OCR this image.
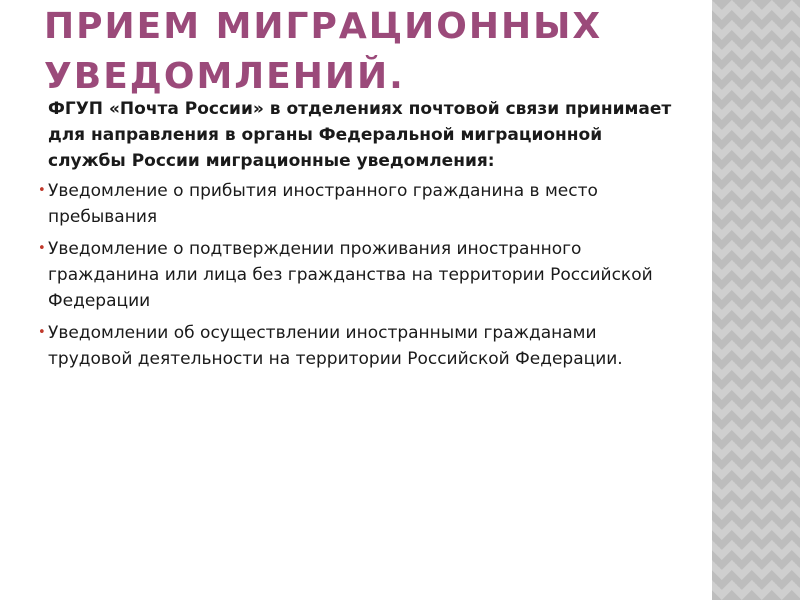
ПРИЕМ МИГРАЦИОННЫХ УВЕДОМЛЕНИЙ.

ФГУП «Почта России» в отделениях почтовой связи принимает для направления в органы Федеральной миграционной службы России миграционные уведомления:

• Уведомление о прибытия иностранного гражданина в место пребывания
• Уведомление о подтверждении проживания иностранного гражданина или лица без гражданства на территории Российской Федерации
• Уведомлении об осуществлении иностранными гражданами трудовой деятельности на территории Российской Федерации.
